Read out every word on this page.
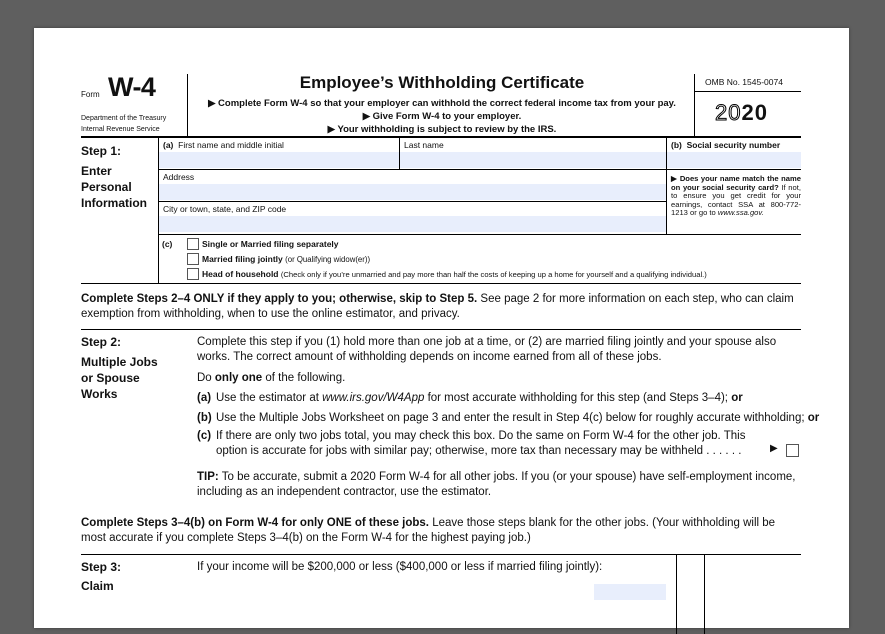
Form W-4
Department of the Treasury
Internal Revenue Service
Employee’s Withholding Certificate
▶ Complete Form W-4 so that your employer can withhold the correct federal income tax from your pay.
▶ Give Form W-4 to your employer.
▶ Your withholding is subject to review by the IRS.
OMB No. 1545-0074
2020
Step 1:
Enter
Personal
Information
(a) First name and middle initial	Last name	(b) Social security number
Address
City or town, state, and ZIP code
▶ Does your name match the name on your social security card? If not, to ensure you get credit for your earnings, contact SSA at 800-772-1213 or go to www.ssa.gov.
(c)	Single or Married filing separately
Married filing jointly (or Qualifying widow(er))
Head of household (Check only if you’re unmarried and pay more than half the costs of keeping up a home for yourself and a qualifying individual.)
Complete Steps 2–4 ONLY if they apply to you; otherwise, skip to Step 5. See page 2 for more information on each step, who can claim exemption from withholding, when to use the online estimator, and privacy.
Step 2:
Multiple Jobs
or Spouse
Works
Complete this step if you (1) hold more than one job at a time, or (2) are married filing jointly and your spouse also works. The correct amount of withholding depends on income earned from all of these jobs.
Do only one of the following.
(a) Use the estimator at www.irs.gov/W4App for most accurate withholding for this step (and Steps 3–4); or
(b) Use the Multiple Jobs Worksheet on page 3 and enter the result in Step 4(c) below for roughly accurate withholding; or
(c) If there are only two jobs total, you may check this box. Do the same on Form W-4 for the other job. This option is accurate for jobs with similar pay; otherwise, more tax than necessary may be withheld . . . . . .	▶
TIP: To be accurate, submit a 2020 Form W-4 for all other jobs. If you (or your spouse) have self-employment income, including as an independent contractor, use the estimator.
Complete Steps 3–4(b) on Form W-4 for only ONE of these jobs. Leave those steps blank for the other jobs. (Your withholding will be most accurate if you complete Steps 3–4(b) on the Form W-4 for the highest paying job.)
Step 3:
Claim
If your income will be $200,000 or less ($400,000 or less if married filing jointly):
